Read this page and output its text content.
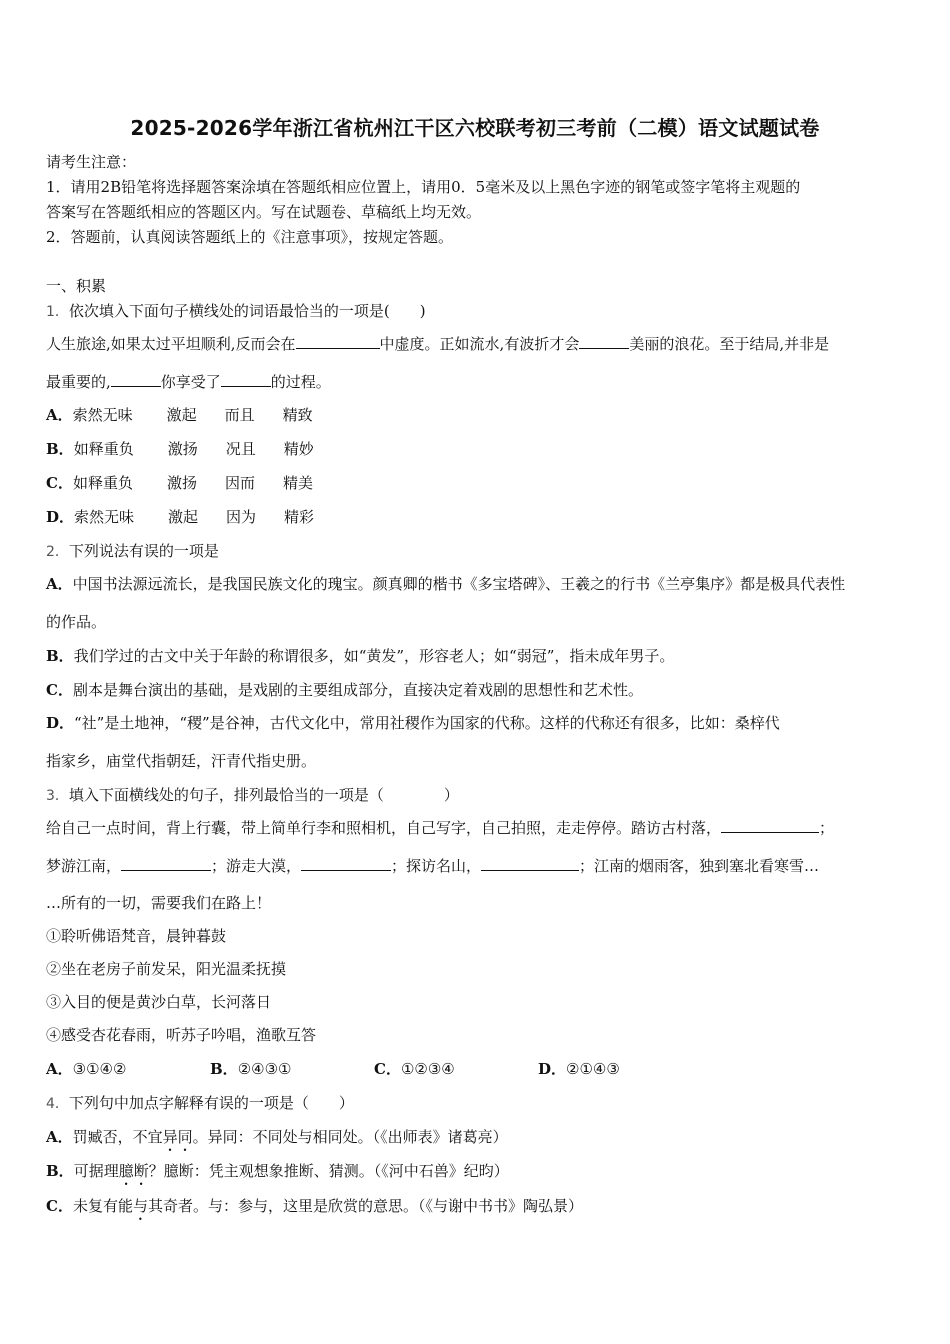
2025-2026学年浙江省杭州江干区六校联考初三考前（二模）语文试题试卷
请考生注意：
1．请用2B铅笔将选择题答案涂填在答题纸相应位置上，请用0．5毫米及以上黑色字迹的钢笔或签字笔将主观题的
答案写在答题纸相应的答题区内。写在试题卷、草稿纸上均无效。
2．答题前，认真阅读答题纸上的《注意事项》，按规定答题。
一、积累
1．依次填入下面句子横线处的词语最恰当的一项是(　　)
人生旅途,如果太过平坦顺利,反而会在	中虚度。正如流水,有波折才会	美丽的浪花。至于结局,并非是
最重要的,	你享受了	的过程。
A．索然无味 激起 而且 精致
B．如释重负 激扬 况且 精妙
C．如释重负 激扬 因而 精美
D．索然无味 激起 因为 精彩
2．下列说法有误的一项是
A．中国书法源远流长，是我国民族文化的瑰宝。颜真卿的楷书《多宝塔碑》、王羲之的行书《兰亭集序》都是极具代表性
的作品。
B．我们学过的古文中关于年龄的称谓很多，如“黄发”，形容老人；如“弱冠”，指未成年男子。
C．剧本是舞台演出的基础，是戏剧的主要组成部分，直接决定着戏剧的思想性和艺术性。
D．“社”是土地神，“稷”是谷神，古代文化中，常用社稷作为国家的代称。这样的代称还有很多，比如：桑梓代
指家乡，庙堂代指朝廷，汗青代指史册。
3．填入下面横线处的句子，排列最恰当的一项是（　　　　）
给自己一点时间，背上行囊，带上简单行李和照相机，自己写字，自己拍照，走走停停。踏访古村落，	；
梦游江南，	；游走大漠，	；探访名山，	；江南的烟雨客，独到塞北看寒雪…
…所有的一切，需要我们在路上！
①聆听佛语梵音，晨钟暮鼓
②坐在老房子前发呆，阳光温柔抚摸
③入目的便是黄沙白草，长河落日
④感受杏花春雨，听苏子吟唱，渔歌互答
A．③①④②	B．②④③①	C．①②③④	D．②①④③
4．下列句中加点字解释有误的一项是（　　）
A．罚臧否，不宜异同。异同：不同处与相同处。（《出师表》诸葛亮）
B．可据理臆断？臆断：凭主观想象推断、猜测。（《河中石兽》纪昀）
C．未复有能与其奇者。与：参与，这里是欣赏的意思。（《与谢中书书》陶弘景）
